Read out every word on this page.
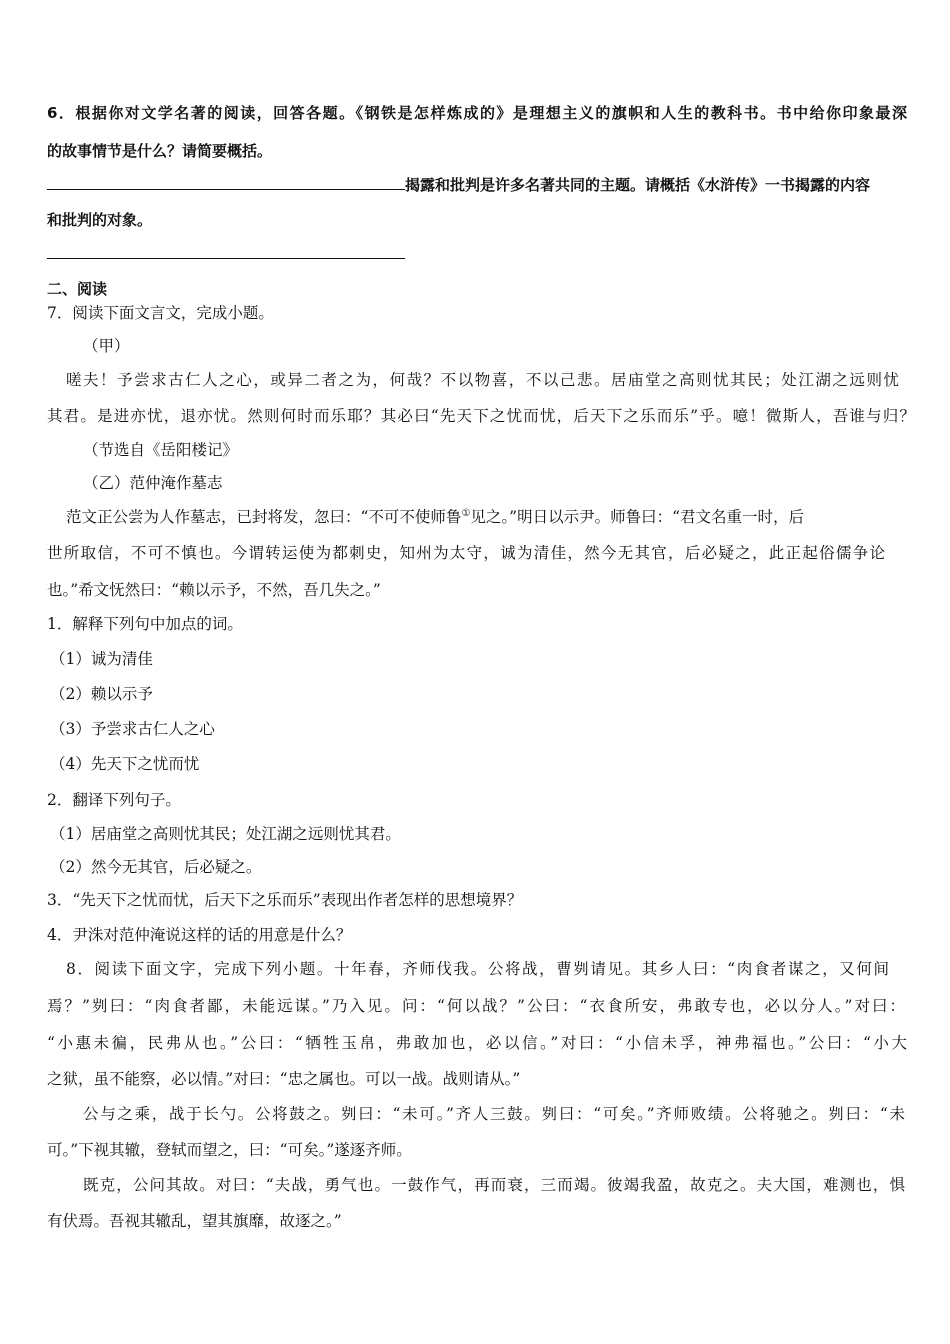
6．根据你对文学名著的阅读，回答各题。《钢铁是怎样炼成的》是理想主义的旗帜和人生的教科书。书中给你印象最深
的故事情节是什么？请简要概括。
揭露和批判是许多名著共同的主题。请概括《水浒传》一书揭露的内容
和批判的对象。
二、阅读
7．阅读下面文言文，完成小题。
（甲）
嗟夫！予尝求古仁人之心，或异二者之为，何哉？不以物喜，不以己悲。居庙堂之高则忧其民；处江湖之远则忧
其君。是进亦忧，退亦忧。然则何时而乐耶？其必曰“先天下之忧而忧，后天下之乐而乐”乎。噫！微斯人，吾谁与归？
（节选自《岳阳楼记》
（乙）范仲淹作墓志
范文正公尝为人作墓志，已封将发，忽曰：“不可不使师鲁①见之。”明日以示尹。师鲁曰：“君文名重一时，后
世所取信，不可不慎也。今谓转运使为都刺史，知州为太守，诚为清佳，然今无其官，后必疑之，此正起俗儒争论
也。”希文怃然曰：“赖以示予，不然，吾几失之。”
1．解释下列句中加点的词。
（1）诚为清佳
（2）赖以示予
（3）予尝求古仁人之心
（4）先天下之忧而忧
2．翻译下列句子。
（1）居庙堂之高则忧其民；处江湖之远则忧其君。
（2）然今无其官，后必疑之。
3．“先天下之忧而忧，后天下之乐而乐”表现出作者怎样的思想境界？
4．尹洙对范仲淹说这样的话的用意是什么？
8．阅读下面文字，完成下列小题。十年春，齐师伐我。公将战，曹刿请见。其乡人曰：“肉食者谋之，又何间
焉？”刿曰：“肉食者鄙，未能远谋。”乃入见。问：“何以战？”公曰：“衣食所安，弗敢专也，必以分人。”对曰：
“小惠未徧，民弗从也。”公曰：“牺牲玉帛，弗敢加也，必以信。”对曰：“小信未孚，神弗福也。”公曰：“小大
之狱，虽不能察，必以情。”对曰：“忠之属也。可以一战。战则请从。”
公与之乘，战于长勺。公将鼓之。刿曰：“未可。”齐人三鼓。刿曰：“可矣。”齐师败绩。公将驰之。刿曰：“未
可。”下视其辙，登轼而望之，曰：“可矣。”遂逐齐师。
既克，公问其故。对曰：“夫战，勇气也。一鼓作气，再而衰，三而竭。彼竭我盈，故克之。夫大国，难测也，惧
有伏焉。吾视其辙乱，望其旗靡，故逐之。”
